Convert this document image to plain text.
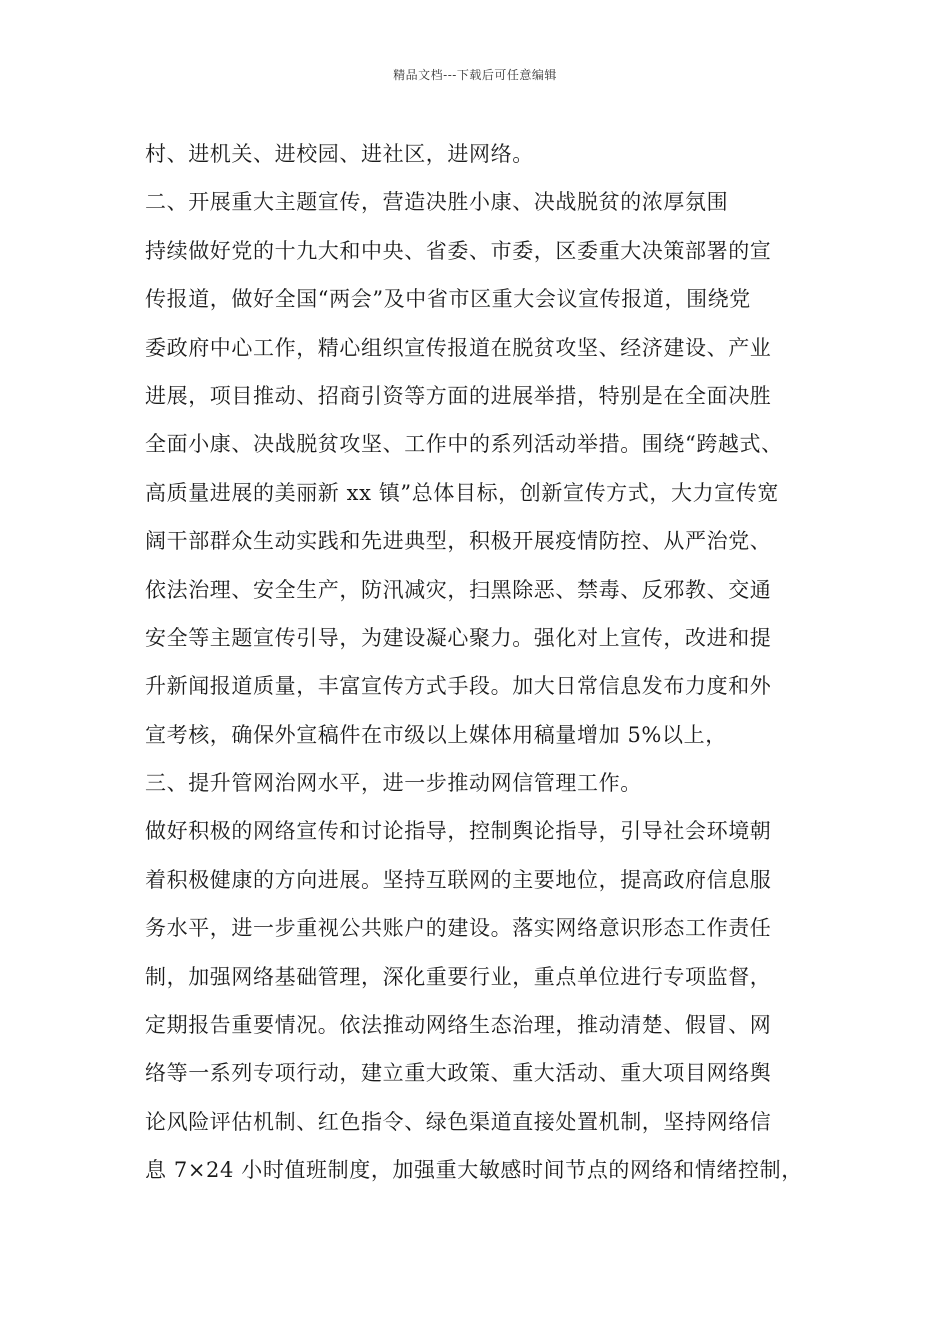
精品文档---下载后可任意编辑
村、进机关、进校园、进社区，进网络。
二、开展重大主题宣传，营造决胜小康、决战脱贫的浓厚氛围
持续做好党的十九大和中央、省委、市委，区委重大决策部署的宣
传报道，做好全国“两会”及中省市区重大会议宣传报道，围绕党
委政府中心工作，精心组织宣传报道在脱贫攻坚、经济建设、产业
进展，项目推动、招商引资等方面的进展举措，特别是在全面决胜
全面小康、决战脱贫攻坚、工作中的系列活动举措。围绕“跨越式、
高质量进展的美丽新 xx 镇”总体目标，创新宣传方式，大力宣传宽
阔干部群众生动实践和先进典型，积极开展疫情防控、从严治党、
依法治理、安全生产，防汛减灾，扫黑除恶、禁毒、反邪教、交通
安全等主题宣传引导，为建设凝心聚力。强化对上宣传，改进和提
升新闻报道质量，丰富宣传方式手段。加大日常信息发布力度和外
宣考核，确保外宣稿件在市级以上媒体用稿量增加 5%以上，
三、提升管网治网水平，进一步推动网信管理工作。
做好积极的网络宣传和讨论指导，控制舆论指导，引导社会环境朝
着积极健康的方向进展。坚持互联网的主要地位，提高政府信息服
务水平，进一步重视公共账户的建设。落实网络意识形态工作责任
制，加强网络基础管理，深化重要行业，重点单位进行专项监督，
定期报告重要情况。依法推动网络生态治理，推动清楚、假冒、网
络等一系列专项行动，建立重大政策、重大活动、重大项目网络舆
论风险评估机制、红色指令、绿色渠道直接处置机制，坚持网络信
息 7×24 小时值班制度，加强重大敏感时间节点的网络和情绪控制，
